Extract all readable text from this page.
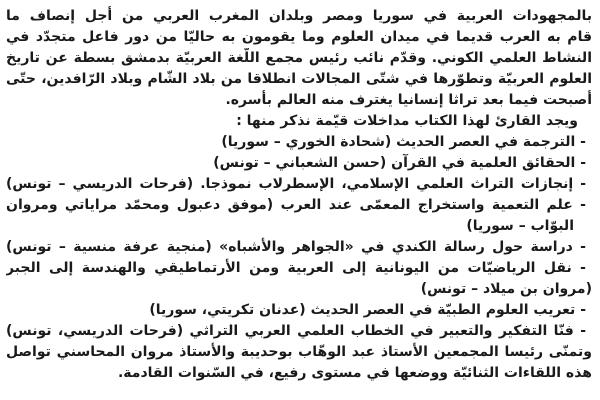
بالمجهودات العربية في سوريا ومصر وبلدان المغرب العربي من أجل إنصاف ما
قام به العرب قديما في ميدان العلوم وما يقومون به حاليّا من دور فاعل متجدّد في
النشاط العلمي الكوني. وقدّم نائب رئيس مجمع اللّغة العربيّة بدمشق بسطة عن تاريخ
العلوم العربيّة وتطوّرها في شتّى المجالات انطلاقا من بلاد الشّام وبلاد الرّافدين، حتّى
أصبحت فيما بعد تراثا إنسانيا يغترف منه العالم بأسره.
ويجد القارئ لهذا الكتاب مداخلات قيّمة نذكر منها :
- الترجمة في العصر الحديث (شحادة الخوري – سوريا)
- الحقائق العلمية في القرآن (حسن الشعباني – تونس)
- إنجازات التراث العلمي الإسلامي، الإسطرلاب نموذجا. (فرحات الدريسي – تونس)
- علم التعمية واستخراج المعمّى عند العرب (موفق دعبول ومحمّد مراياتي ومروان
البوّاب – سوريا)
- دراسة حول رسالة الكندي في «الجواهر والأشباه» (منجية عرفة منسية – تونس)
- نقل الرياضيّات من اليونانية إلى العربية ومن الأرتماطيقي والهندسة إلى الجبر
(مروان بن ميلاد – تونس)
- تعريب العلوم الطبيّة في العصر الحديث (عدنان تكريتي، سوريا)
- فنّا التفكير والتعبير في الخطاب العلمي العربي التراثي (فرحات الدريسي، تونس)
وتمنّى رئيسا المجمعين الأستاذ عبد الوهّاب بوحديبة والأستاذ مروان المحاسني تواصل
هذه اللقاءات الثنائيّة ووضعها في مستوى رفيع، في السّنوات القادمة.
